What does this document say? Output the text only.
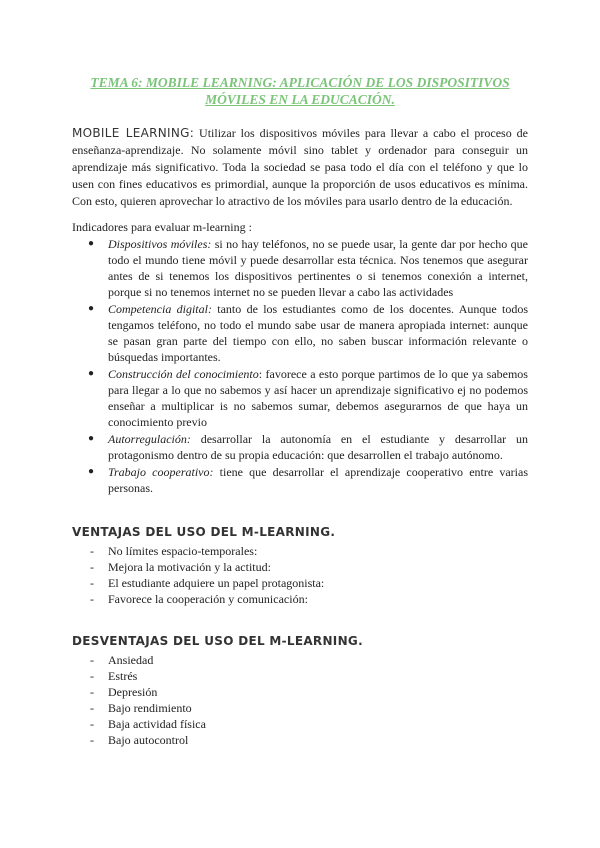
TEMA 6: MOBILE LEARNING: APLICACIÓN DE LOS DISPOSITIVOS
MÓVILES EN LA EDUCACIÓN.

MOBILE LEARNING: Utilizar los dispositivos móviles para llevar a cabo el proceso de enseñanza-aprendizaje. No solamente móvil sino tablet y ordenador para conseguir un aprendizaje más significativo. Toda la sociedad se pasa todo el día con el teléfono y que lo usen con fines educativos es primordial, aunque la proporción de usos educativos es mínima. Con esto, quieren aprovechar lo atractivo de los móviles para usarlo dentro de la educación.

Indicadores para evaluar m-learning :

● Dispositivos móviles: si no hay teléfonos, no se puede usar, la gente dar por hecho que todo el mundo tiene móvil y puede desarrollar esta técnica. Nos tenemos que asegurar antes de si tenemos los dispositivos pertinentes o si tenemos conexión a internet, porque si no tenemos internet no se pueden llevar a cabo las actividades
● Competencia digital: tanto de los estudiantes como de los docentes. Aunque todos tengamos teléfono, no todo el mundo sabe usar de manera apropiada internet: aunque se pasan gran parte del tiempo con ello, no saben buscar información relevante o búsquedas importantes.
● Construcción del conocimiento: favorece a esto porque partimos de lo que ya sabemos para llegar a lo que no sabemos y así hacer un aprendizaje significativo ej no podemos enseñar a multiplicar is no sabemos sumar, debemos asegurarnos de que haya un conocimiento previo
● Autorregulación: desarrollar la autonomía en el estudiante y desarrollar un protagonismo dentro de su propia educación: que desarrollen el trabajo autónomo.
● Trabajo cooperativo: tiene que desarrollar el aprendizaje cooperativo entre varias personas.
VENTAJAS DEL USO DEL M-LEARNING.
- No límites espacio-temporales:
- Mejora la motivación y la actitud:
- El estudiante adquiere un papel protagonista:
- Favorece la cooperación y comunicación:
DESVENTAJAS DEL USO DEL M-LEARNING.
- Ansiedad
- Estrés
- Depresión
- Bajo rendimiento
- Baja actividad física
- Bajo autocontrol
